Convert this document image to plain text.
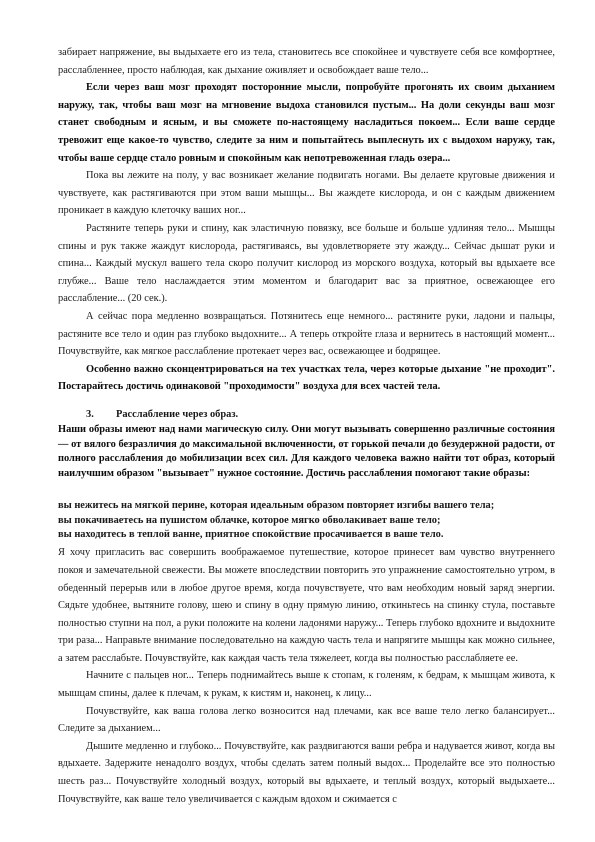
забирает напряжение, вы выдыхаете его из тела, становитесь все спокойнее и чувствуете себя все комфортнее, расслабленнее, просто наблюдая, как дыхание оживляет и освобождает ваше тело...

Если через ваш мозг проходят посторонние мысли, попробуйте прогонять их своим дыханием наружу, так, чтобы ваш мозг на мгновение выдоха становился пустым... На доли секунды ваш мозг станет свободным и ясным, и вы сможете по-настоящему насладиться покоем... Если ваше сердце тревожит еще какое-то чувство, следите за ним и попытайтесь выплеснуть их с выдохом наружу, так, чтобы ваше сердце стало ровным и спокойным как непотревоженная гладь озера...

Пока вы лежите на полу, у вас возникает желание подвигать ногами. Вы делаете круговые движения и чувствуете, как растягиваются при этом ваши мышцы... Вы жаждете кислорода, и он с каждым движением проникает в каждую клеточку ваших ног...

Растяните теперь руки и спину, как эластичную повязку, все больше и больше удлиняя тело... Мышцы спины и рук также жаждут кислорода, растягиваясь, вы удовлетворяете эту жажду... Сейчас дышат руки и спина... Каждый мускул вашего тела скоро получит кислород из морского воздуха, который вы вдыхаете все глубже... Ваше тело наслаждается этим моментом и благодарит вас за приятное, освежающее его расслабление... (20 сек.).

А сейчас пора медленно возвращаться. Потянитесь еще немного... растяните руки, ладони и пальцы, растяните все тело и один раз глубоко выдохните... А теперь откройте глаза и вернитесь в настоящий момент... Почувствуйте, как мягкое расслабление протекает через вас, освежающее и бодрящее.

Особенно важно сконцентрироваться на тех участках тела, через которые дыхание "не проходит". Постарайтесь достичь одинаковой "проходимости" воздуха для всех частей тела.

3.	Расслабление через образ.

Наши образы имеют над нами магическую силу. Они могут вызывать совершенно различные состояния — от вялого безразличия до максимальной включенности, от горькой печали до безудержной радости, от полного расслабления до мобилизации всех сил. Для каждого человека важно найти тот образ, который наилучшим образом "вызывает" нужное состояние. Достичь расслабления помогают такие образы:

вы нежитесь на мягкой перине, которая идеальным образом повторяет изгибы вашего тела;

вы покачиваетесь на пушистом облачке, которое мягко обволакивает ваше тело;

вы находитесь в теплой ванне, приятное спокойствие просачивается в ваше тело.

Я хочу пригласить вас совершить воображаемое путешествие, которое принесет вам чувство внутреннего покоя и замечательной свежести. Вы можете впоследствии повторить это упражнение самостоятельно утром, в обеденный перерыв или в любое другое время, когда почувствуете, что вам необходим новый заряд энергии. Сядьте удобнее, вытяните голову, шею и спину в одну прямую линию, откиньтесь на спинку стула, поставьте полностью ступни на пол, а руки положите на колени ладонями наружу... Теперь глубоко вдохните и выдохните три раза... Направьте внимание последовательно на каждую часть тела и напрягите мышцы как можно сильнее, а затем расслабьте. Почувствуйте, как каждая часть тела тяжелеет, когда вы полностью расслабляете ее.

Начните с пальцев ног... Теперь поднимайтесь выше к стопам, к голеням, к бедрам, к мышцам живота, к мышцам спины, далее к плечам, к рукам, к кистям и, наконец, к лицу...

Почувствуйте, как ваша голова легко возносится над плечами, как все ваше тело легко балансирует... Следите за дыханием...

Дышите медленно и глубоко... Почувствуйте, как раздвигаются ваши ребра и надувается живот, когда вы вдыхаете. Задержите ненадолго воздух, чтобы сделать затем полный выдох... Проделайте все это полностью шесть раз... Почувствуйте холодный воздух, который вы вдыхаете, и теплый воздух, который выдыхаете... Почувствуйте, как ваше тело увеличивается с каждым вдохом и сжимается с
